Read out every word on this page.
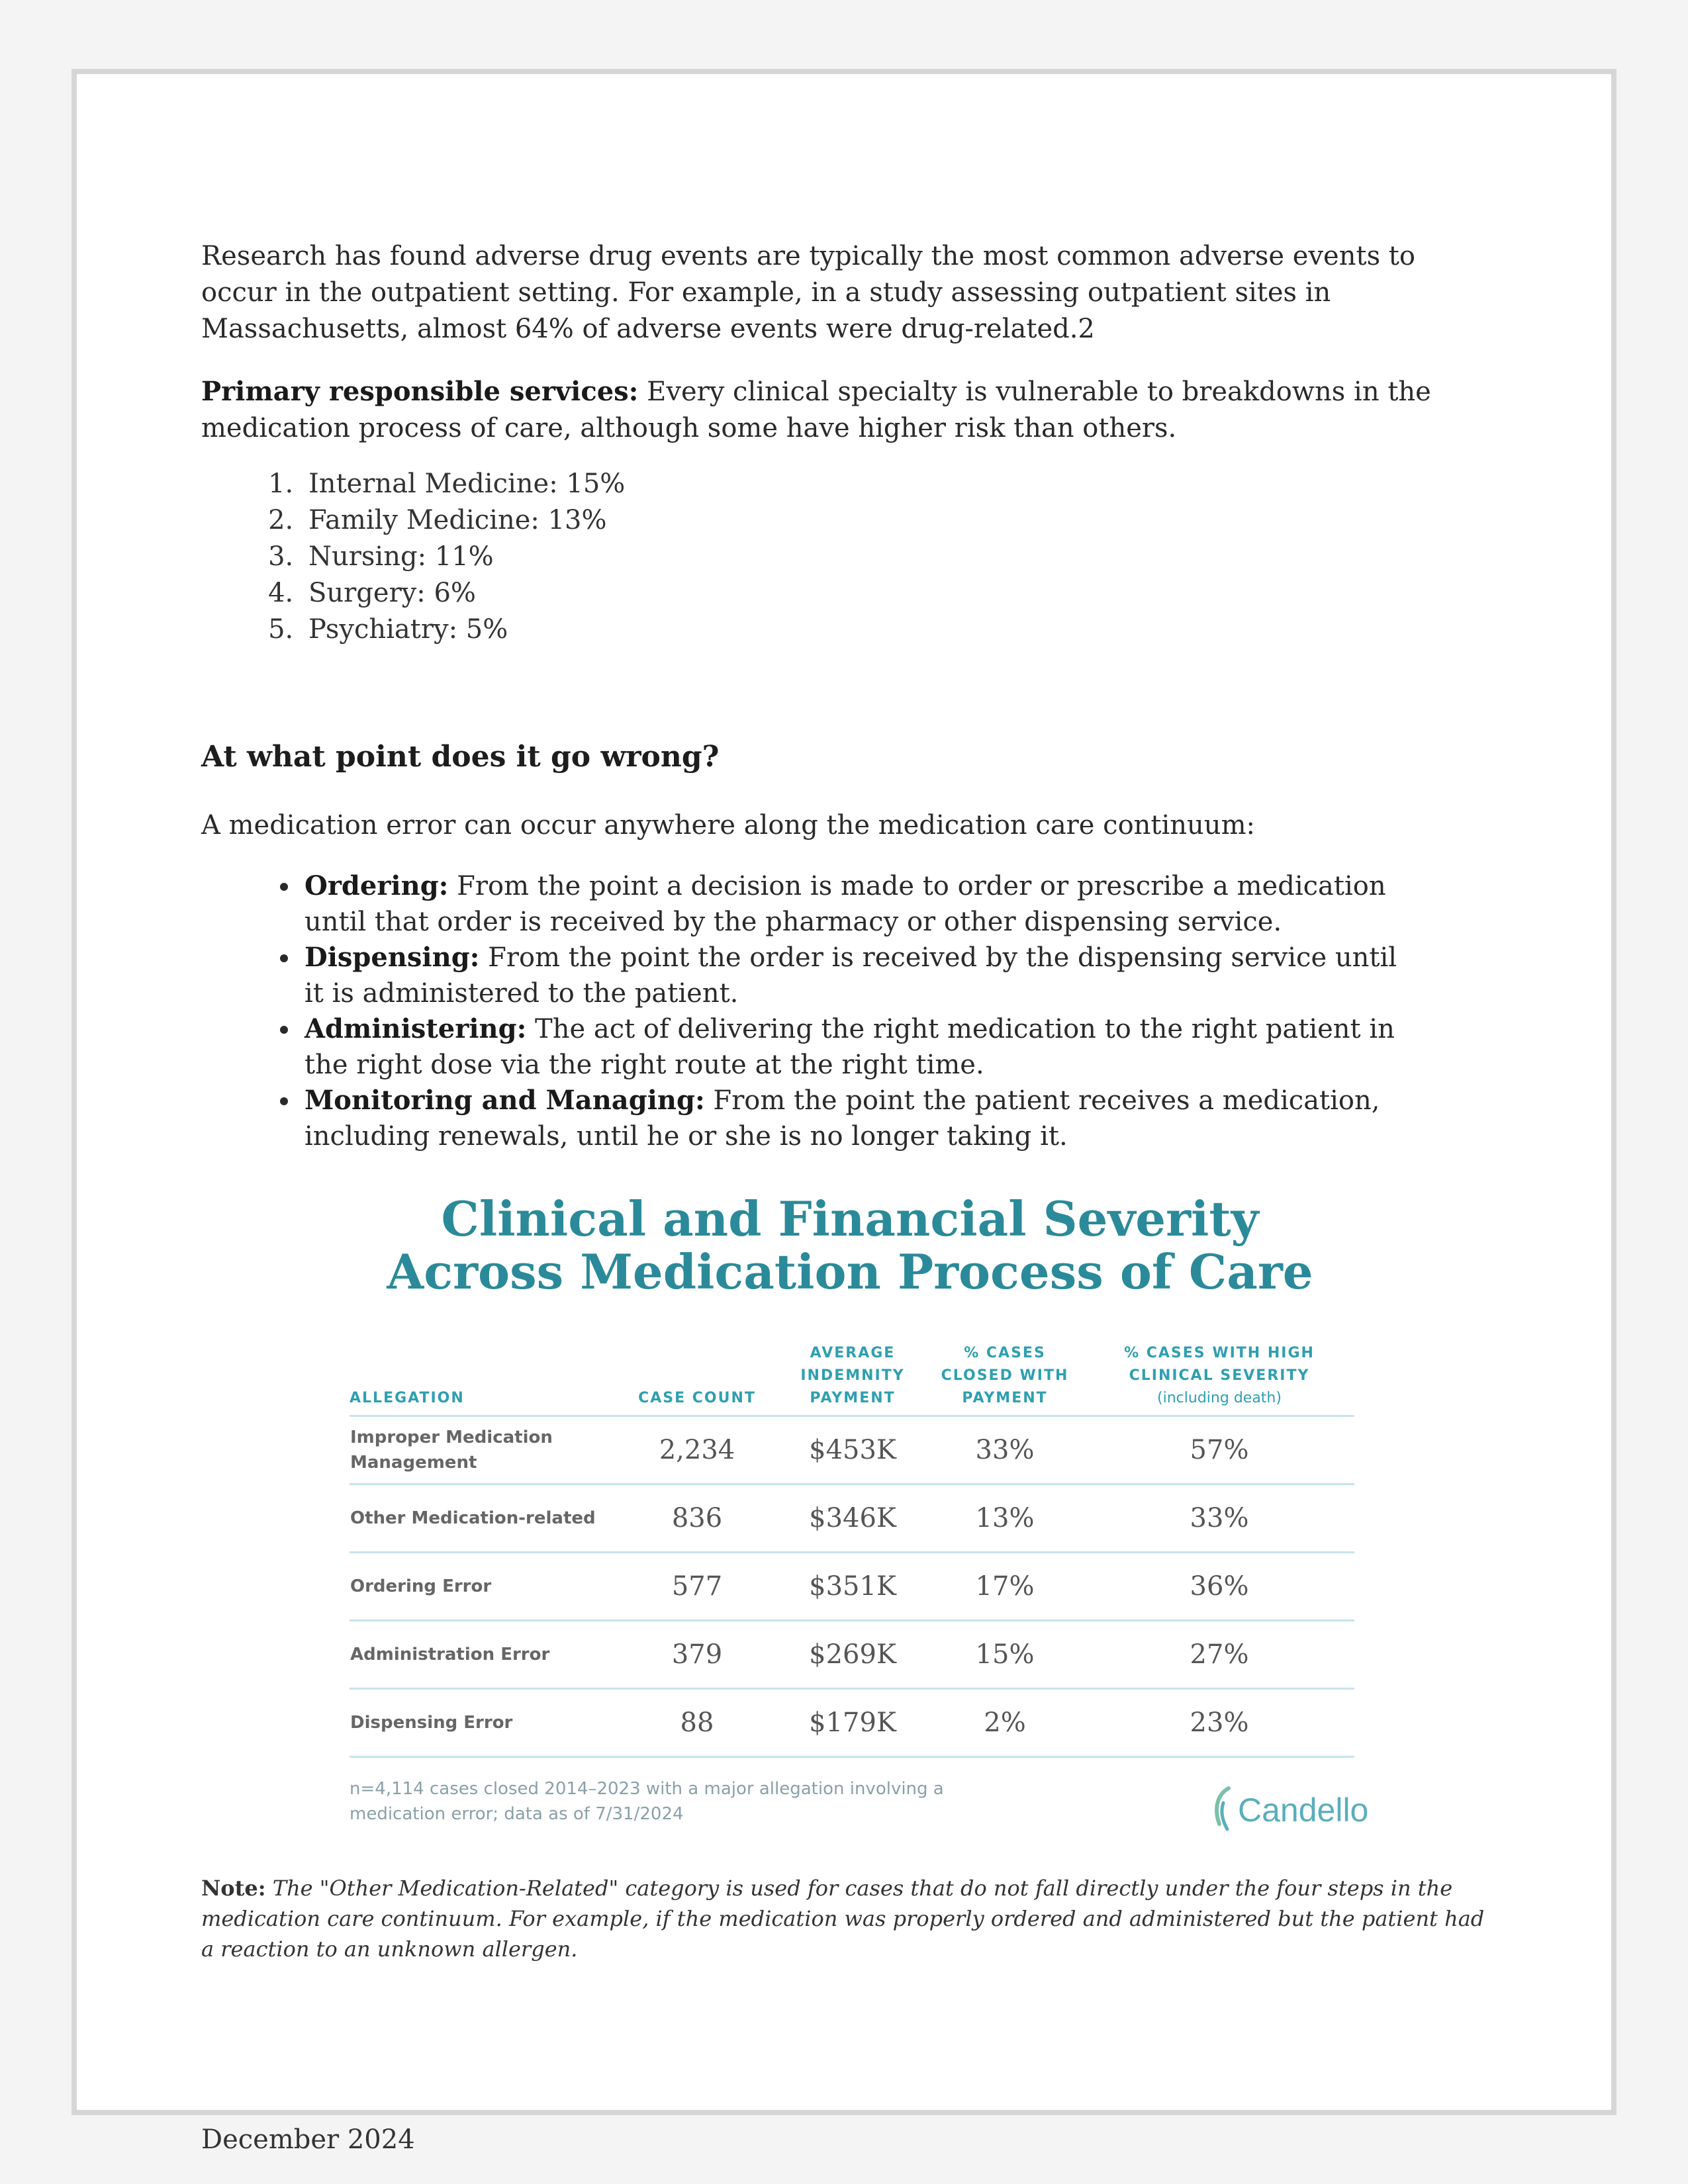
Research has found adverse drug events are typically the most common adverse events to occur in the outpatient setting. For example, in a study assessing outpatient sites in Massachusetts, almost 64% of adverse events were drug-related.2

Primary responsible services: Every clinical specialty is vulnerable to breakdowns in the medication process of care, although some have higher risk than others.

1. Internal Medicine: 15%
2. Family Medicine: 13%
3. Nursing: 11%
4. Surgery: 6%
5. Psychiatry: 5%
At what point does it go wrong?

A medication error can occur anywhere along the medication care continuum:

• Ordering: From the point a decision is made to order or prescribe a medication until that order is received by the pharmacy or other dispensing service.
• Dispensing: From the point the order is received by the dispensing service until it is administered to the patient.
• Administering: The act of delivering the right medication to the right patient in the right dose via the right route at the right time.
• Monitoring and Managing: From the point the patient receives a medication, including renewals, until he or she is no longer taking it.
Clinical and Financial Severity
Across Medication Process of Care
ALLEGATION	CASE COUNT	AVERAGE INDEMNITY PAYMENT	% CASES CLOSED WITH PAYMENT	% CASES WITH HIGH CLINICAL SEVERITY
(including death)
Improper Medication Management	2,234	$453K	33%	57%
Other Medication-related	836	$346K	13%	33%
Ordering Error	577	$351K	17%	36%
Administration Error	379	$269K	15%	27%
Dispensing Error	88	$179K	2%	23%
n=4,114 cases closed 2014–2023 with a major allegation involving a medication error; data as of 7/31/2024	Candello

Note: The "Other Medication-Related" category is used for cases that do not fall directly under the four steps in the medication care continuum. For example, if the medication was properly ordered and administered but the patient had a reaction to an unknown allergen.

December 2024
